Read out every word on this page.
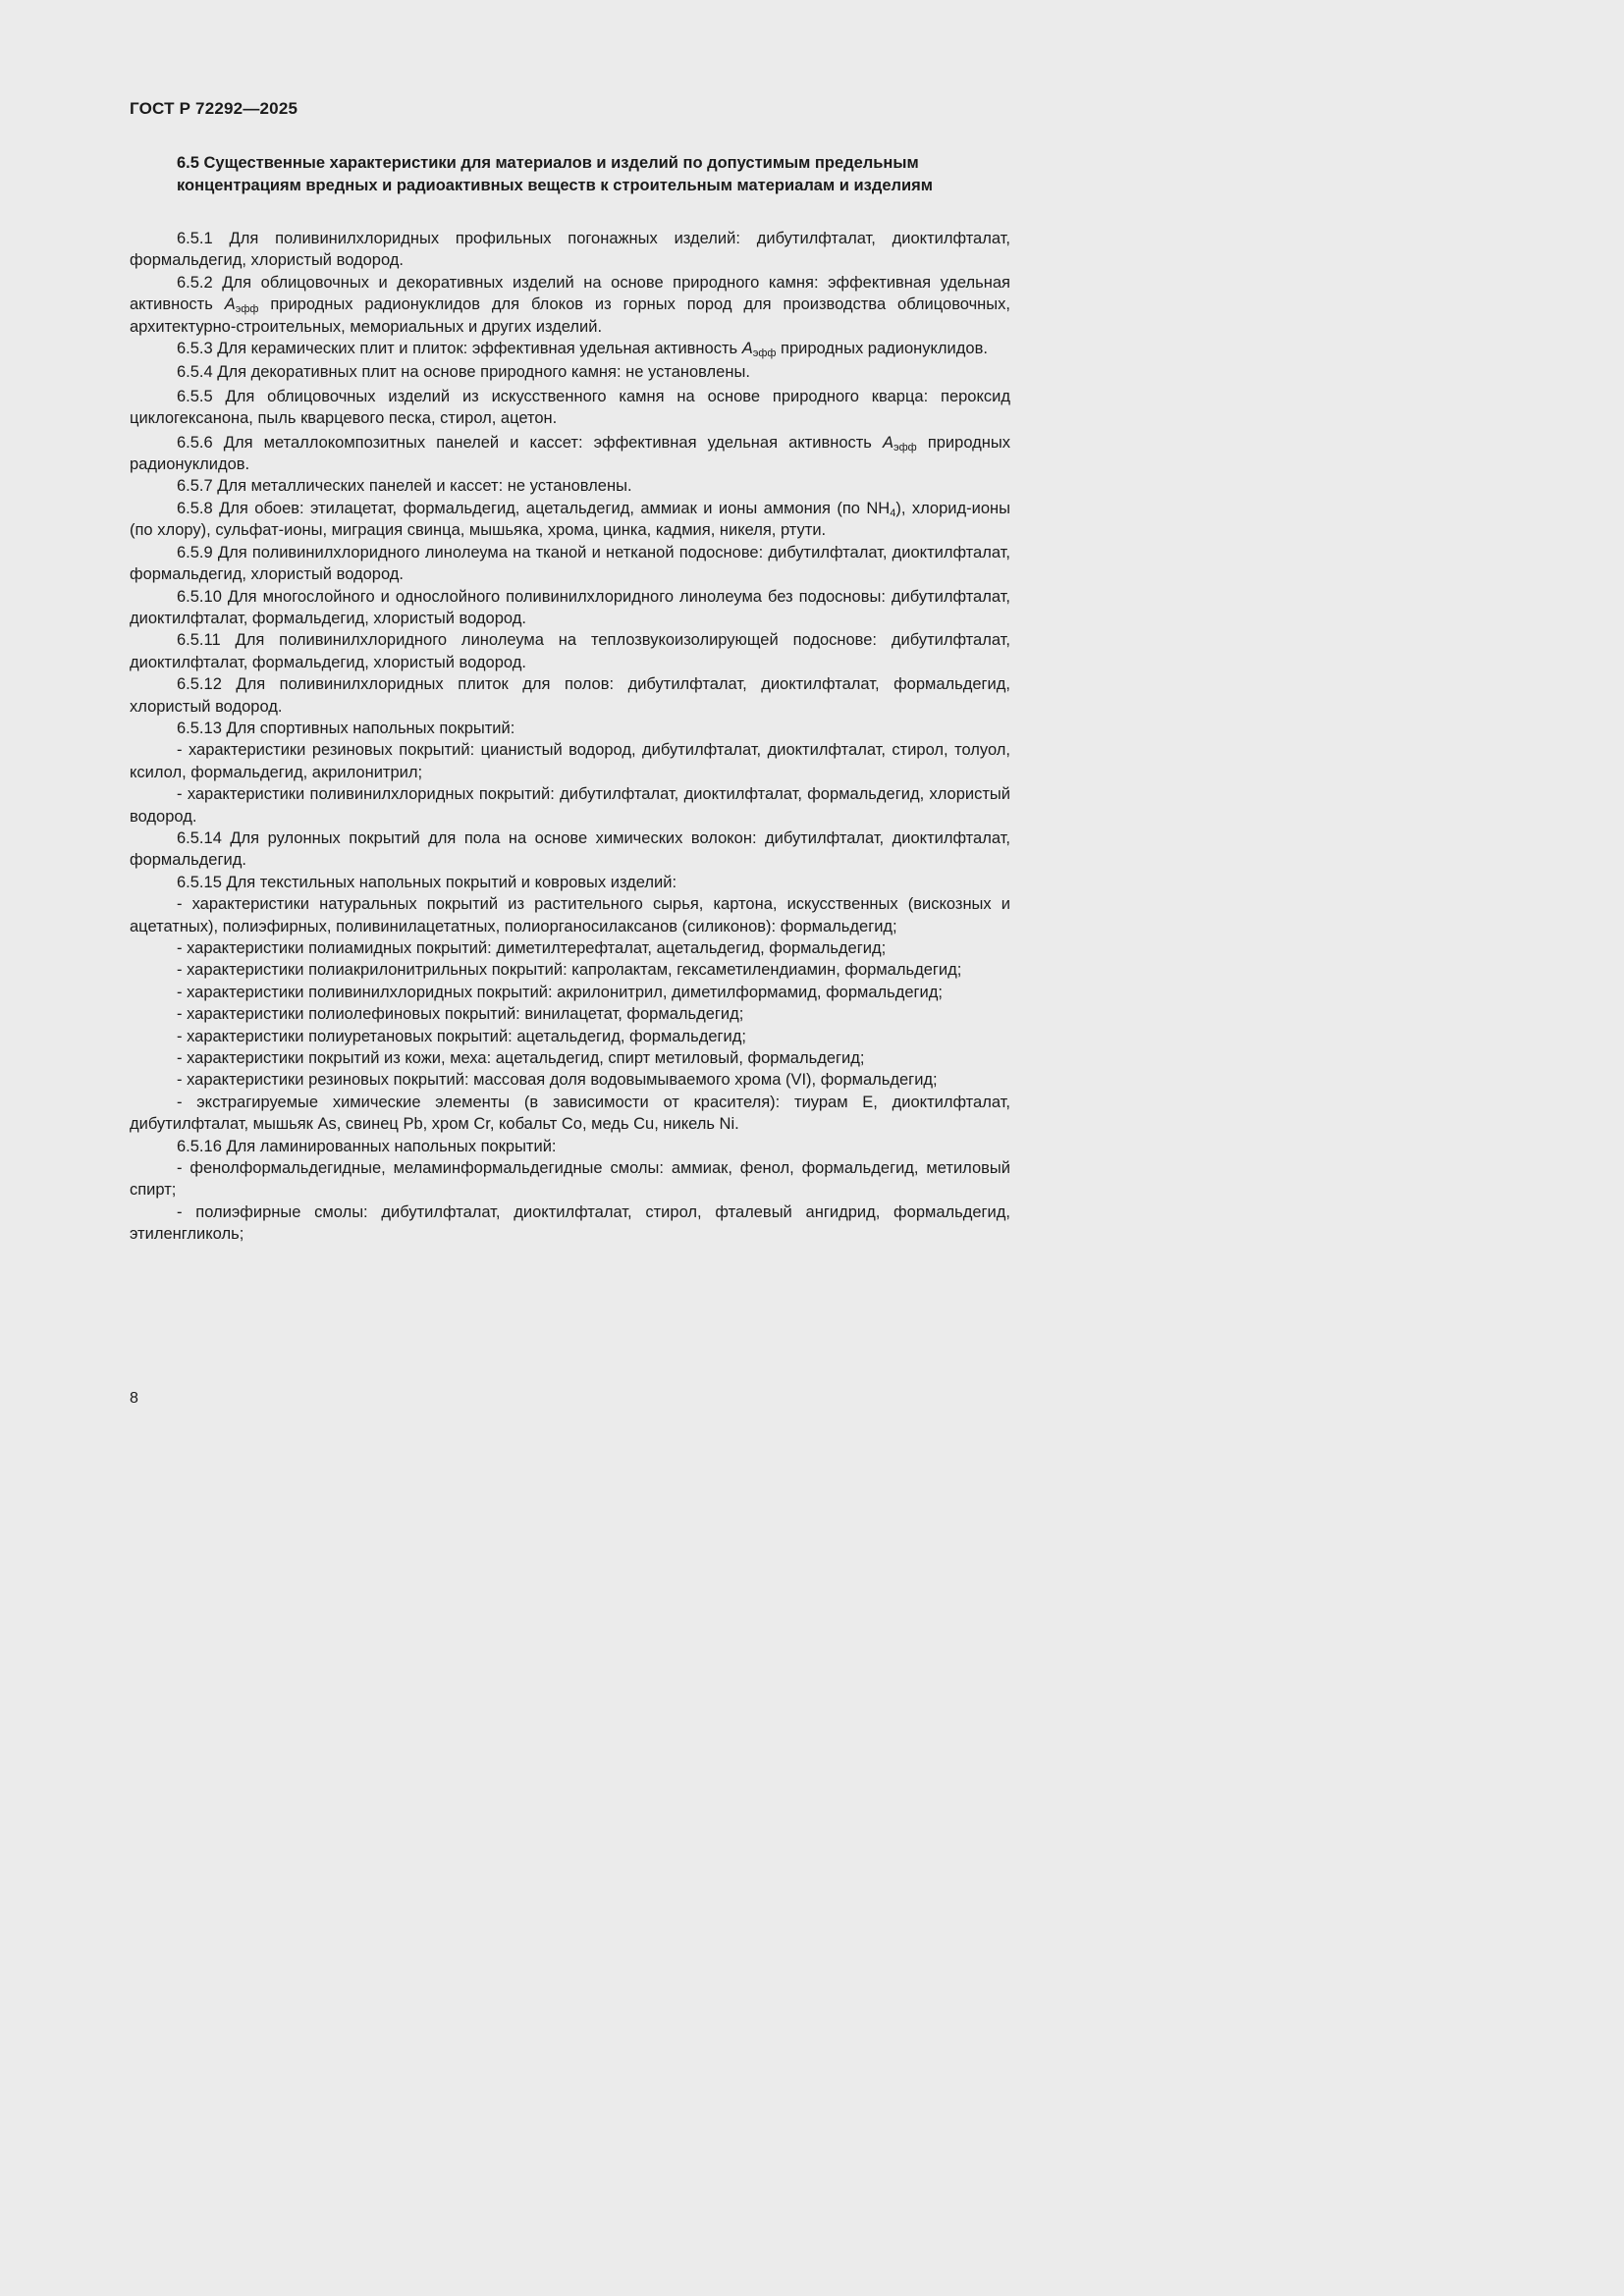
ГОСТ Р 72292—2025
6.5 Существенные характеристики для материалов и изделий по допустимым предельным концентрациям вредных и радиоактивных веществ к строительным материалам и изделиям

6.5.1 Для поливинилхлоридных профильных погонажных изделий: дибутилфталат, диоктилфталат, формальдегид, хлористый водород.

6.5.2 Для облицовочных и декоративных изделий на основе природного камня: эффективная удельная активность $A_{эфф}$ природных радионуклидов для блоков из горных пород для производства облицовочных, архитектурно-строительных, мемориальных и других изделий.

6.5.3 Для керамических плит и плиток: эффективная удельная активность $A_{эфф}$ природных радионуклидов.

6.5.4 Для декоративных плит на основе природного камня: не установлены.

6.5.5 Для облицовочных изделий из искусственного камня на основе природного кварца: пероксид циклогексанона, пыль кварцевого песка, стирол, ацетон.

6.5.6 Для металлокомпозитных панелей и кассет: эффективная удельная активность $A_{эфф}$ природных радионуклидов.

6.5.7 Для металлических панелей и кассет: не установлены.

6.5.8 Для обоев: этилацетат, формальдегид, ацетальдегид, аммиак и ионы аммония (по $NH_4$), хлорид-ионы (по хлору), сульфат-ионы, миграция свинца, мышьяка, хрома, цинка, кадмия, никеля, ртути.

6.5.9 Для поливинилхлоридного линолеума на тканой и нетканой подоснове: дибутилфталат, диоктилфталат, формальдегид, хлористый водород.

6.5.10 Для многослойного и однослойного поливинилхлоридного линолеума без подосновы: дибутилфталат, диоктилфталат, формальдегид, хлористый водород.

6.5.11 Для поливинилхлоридного линолеума на теплозвукоизолирующей подоснове: дибутилфталат, диоктилфталат, формальдегид, хлористый водород.

6.5.12 Для поливинилхлоридных плиток для полов: дибутилфталат, диоктилфталат, формальдегид, хлористый водород.

6.5.13 Для спортивных напольных покрытий:

- характеристики резиновых покрытий: цианистый водород, дибутилфталат, диоктилфталат, стирол, толуол, ксилол, формальдегид, акрилонитрил;

- характеристики поливинилхлоридных покрытий: дибутилфталат, диоктилфталат, формальдегид, хлористый водород.

6.5.14 Для рулонных покрытий для пола на основе химических волокон: дибутилфталат, диоктилфталат, формальдегид.

6.5.15 Для текстильных напольных покрытий и ковровых изделий:

- характеристики натуральных покрытий из растительного сырья, картона, искусственных (вискозных и ацетатных), полиэфирных, поливинилацетатных, полиорганосилаксанов (силиконов): формальдегид;

- характеристики полиамидных покрытий: диметилтерефталат, ацетальдегид, формальдегид;

- характеристики полиакрилонитрильных покрытий: капролактам, гексаметилендиамин, формальдегид;

- характеристики поливинилхлоридных покрытий: акрилонитрил, диметилформамид, формальдегид;

- характеристики полиолефиновых покрытий: винилацетат, формальдегид;

- характеристики полиуретановых покрытий: ацетальдегид, формальдегид;

- характеристики покрытий из кожи, меха: ацетальдегид, спирт метиловый, формальдегид;

- характеристики резиновых покрытий: массовая доля водовымываемого хрома (VI), формальдегид;

- экстрагируемые химические элементы (в зависимости от красителя): тиурам Е, диоктилфталат, дибутилфталат, мышьяк As, свинец Pb, хром Cr, кобальт Co, медь Cu, никель Ni.

6.5.16 Для ламинированных напольных покрытий:

- фенолформальдегидные, меламинформальдегидные смолы: аммиак, фенол, формальдегид, метиловый спирт;

- полиэфирные смолы: дибутилфталат, диоктилфталат, стирол, фталевый ангидрид, формальдегид, этиленгликоль;

8
